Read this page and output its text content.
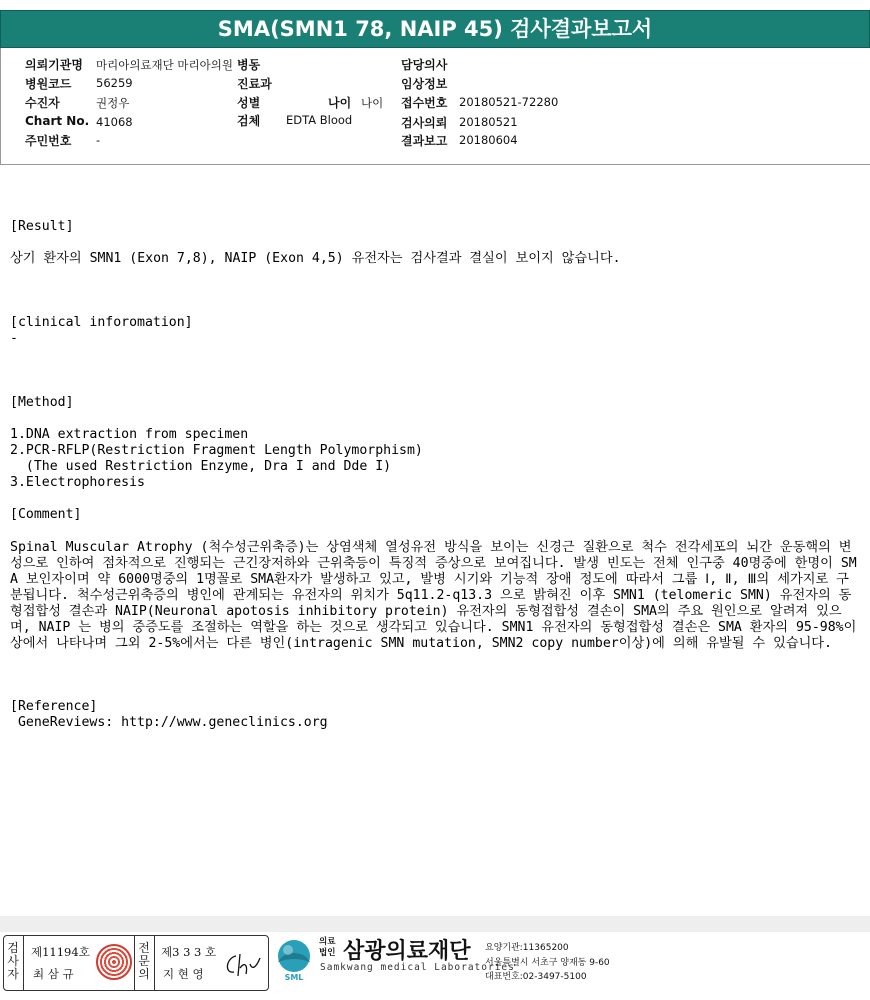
SMA(SMN1 78, NAIP 45) 검사결과보고서
의뢰기관명 마리아의료재단 마리아의원 병동	담당의사
병원코드 56259	진료과	임상정보
수진자	권정우	성별	나이 나이 접수번호 20180521-72280
Chart No. 41068	검체 EDTA Blood	검사의뢰 20180521
주민번호 -	결과보고 20180604
[Result]
상기 환자의 SMN1 (Exon 7,8), NAIP (Exon 4,5) 유전자는 검사결과 결실이 보이지 않습니다.
[clinical inforomation]
-
[Method]
1.DNA extraction from specimen
2.PCR-RFLP(Restriction Fragment Length Polymorphism)
(The used Restriction Enzyme, Dra I and Dde I)
3.Electrophoresis
[Comment]
Spinal Muscular Atrophy (척수성근위축증)는 상염색체 열성유전 방식을 보이는 신경근 질환으로 척수 전각세포의 뇌간 운동핵의 변성으로 인하여 점차적으로 진행되는 근긴장저하와 근위축등이 특징적 증상으로 보여집니다. 발생 빈도는 전체 인구중 40명중에 한명이 SMA 보인자이며 약 6000명중의 1명꼴로 SMA환자가 발생하고 있고, 발병 시기와 기능적 장애 정도에 따라서 그룹 Ⅰ, Ⅱ, Ⅲ의 세가지로 구분됩니다. 척수성근위축증의 병인에 관계되는 유전자의 위치가 5q11.2-q13.3 으로 밝혀진 이후 SMN1 (telomeric SMN) 유전자의 동형접합성 결손과 NAIP(Neuronal apotosis inhibitory protein) 유전자의 동형접합성 결손이 SMA의 주요 원인으로 알려져 있으며, NAIP 는 병의 중증도를 조절하는 역할을 하는 것으로 생각되고 있습니다. SMN1 유전자의 동형접합성 결손은 SMA 환자의 95-98%이상에서 나타나며 그외 2-5%에서는 다른 병인(intragenic SMN mutation, SMN2 copy number이상)에 의해 유발될 수 있습니다.
[Reference]
GeneReviews: http://www.geneclinics.org
검
사
자
제11194호
최 삼 규
전
문
의
제3 3 3 호
지 현 영	SML
의료 법인 삼광의료재단
Samkwang medical Laboratories
요양기관:11365200
서울특별시 서초구 양재동 9-60
대표번호:02-3497-5100
